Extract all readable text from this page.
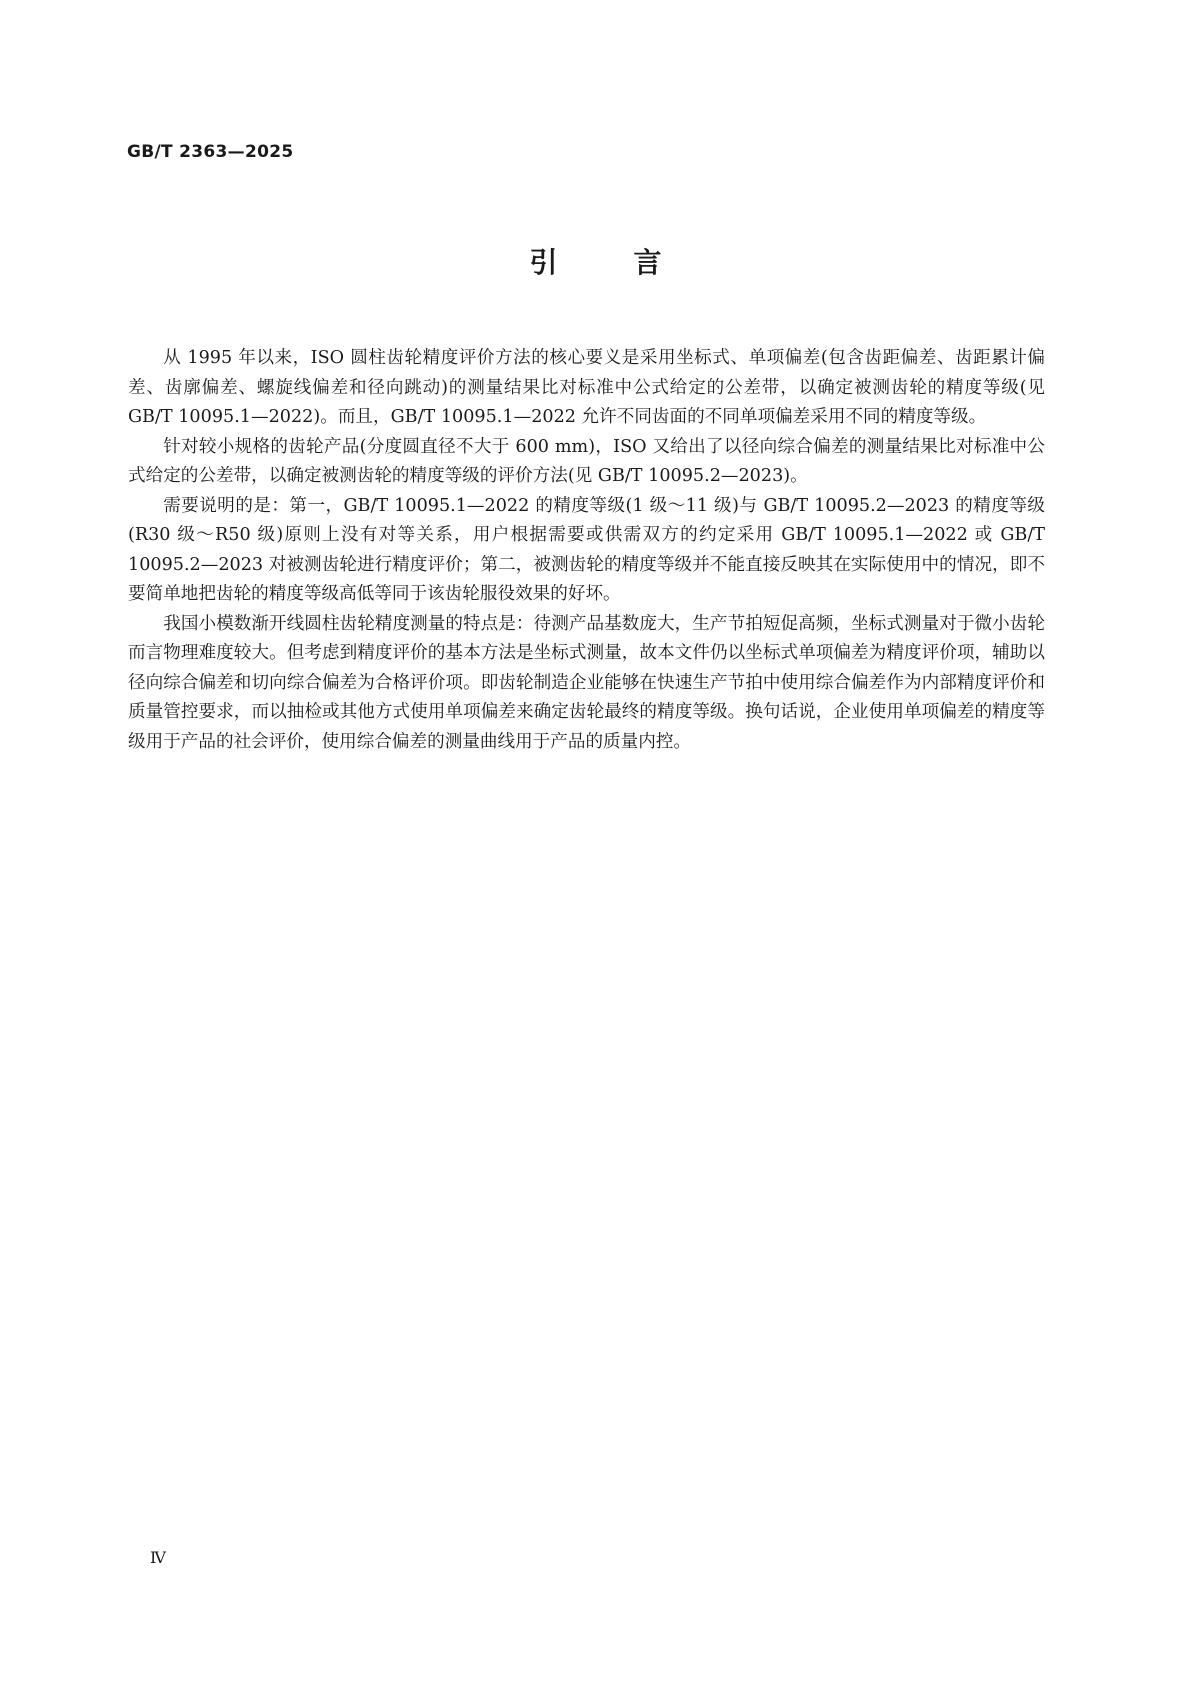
GB/T 2363—2025
引言

从 1995 年以来，ISO 圆柱齿轮精度评价方法的核心要义是采用坐标式、单项偏差(包含齿距偏差、齿距累计偏差、齿廓偏差、螺旋线偏差和径向跳动)的测量结果比对标准中公式给定的公差带，以确定被测齿轮的精度等级(见 GB/T 10095.1—2022)。而且，GB/T 10095.1—2022 允许不同齿面的不同单项偏差采用不同的精度等级。

针对较小规格的齿轮产品(分度圆直径不大于 600 mm)，ISO 又给出了以径向综合偏差的测量结果比对标准中公式给定的公差带，以确定被测齿轮的精度等级的评价方法(见 GB/T 10095.2—2023)。

需要说明的是：第一，GB/T 10095.1—2022 的精度等级(1 级～11 级)与 GB/T 10095.2—2023 的精度等级(R30 级～R50 级)原则上没有对等关系，用户根据需要或供需双方的约定采用 GB/T 10095.1—2022 或 GB/T 10095.2—2023 对被测齿轮进行精度评价；第二，被测齿轮的精度等级并不能直接反映其在实际使用中的情况，即不要简单地把齿轮的精度等级高低等同于该齿轮服役效果的好坏。

我国小模数渐开线圆柱齿轮精度测量的特点是：待测产品基数庞大，生产节拍短促高频，坐标式测量对于微小齿轮而言物理难度较大。但考虑到精度评价的基本方法是坐标式测量，故本文件仍以坐标式单项偏差为精度评价项，辅助以径向综合偏差和切向综合偏差为合格评价项。即齿轮制造企业能够在快速生产节拍中使用综合偏差作为内部精度评价和质量管控要求，而以抽检或其他方式使用单项偏差来确定齿轮最终的精度等级。换句话说，企业使用单项偏差的精度等级用于产品的社会评价，使用综合偏差的测量曲线用于产品的质量内控。

Ⅳ
